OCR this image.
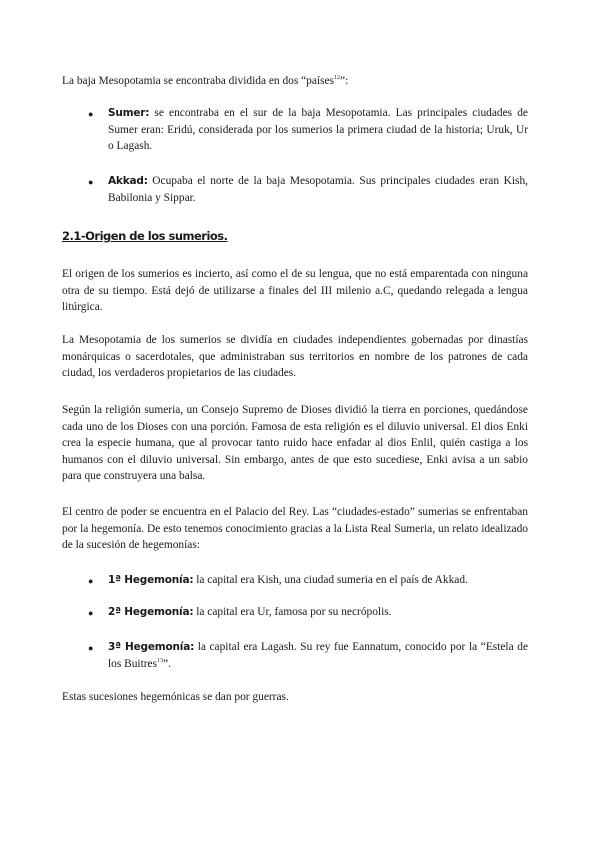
La baja Mesopotamia se encontraba dividida en dos “países$^{12}$”:

●	Sumer: se encontraba en el sur de la baja Mesopotamia. Las principales ciudades de Sumer eran: Eridú, considerada por los sumerios la primera ciudad de la historia; Uruk, Ur o Lagash.

●	Akkad: Ocupaba el norte de la baja Mesopotamia. Sus principales ciudades eran Kish, Babilonia y Sippar.

2.1-Origen de los sumerios.

El origen de los sumerios es incierto, así como el de su lengua, que no está emparentada con ninguna otra de su tiempo. Está dejó de utilizarse a finales del III milenio a.C, quedando relegada a lengua litúrgica.

La Mesopotamia de los sumerios se dividía en ciudades independientes gobernadas por dinastías monárquicas o sacerdotales, que administraban sus territorios en nombre de los patrones de cada ciudad, los verdaderos propietarios de las ciudades.

Según la religión sumeria, un Consejo Supremo de Dioses dividió la tierra en porciones, quedándose cada uno de los Dioses con una porción. Famosa de esta religión es el diluvio universal. El dios Enki crea la especie humana, que al provocar tanto ruido hace enfadar al dios Enlil, quién castiga a los humanos con el diluvio universal. Sin embargo, antes de que esto sucediese, Enki avisa a un sabio para que construyera una balsa.

El centro de poder se encuentra en el Palacio del Rey. Las “ciudades-estado” sumerias se enfrentaban por la hegemonía. De esto tenemos conocimiento gracias a la Lista Real Sumeria, un relato idealizado de la sucesión de hegemonías:

●	1ª Hegemonía: la capital era Kish, una ciudad sumeria en el país de Akkad.

●	2ª Hegemonía: la capital era Ur, famosa por su necrópolis.

●	3ª Hegemonía: la capital era Lagash. Su rey fue Eannatum, conocido por la “Estela de los Buitres$^{13}$”.

Estas sucesiones hegemónicas se dan por guerras.
